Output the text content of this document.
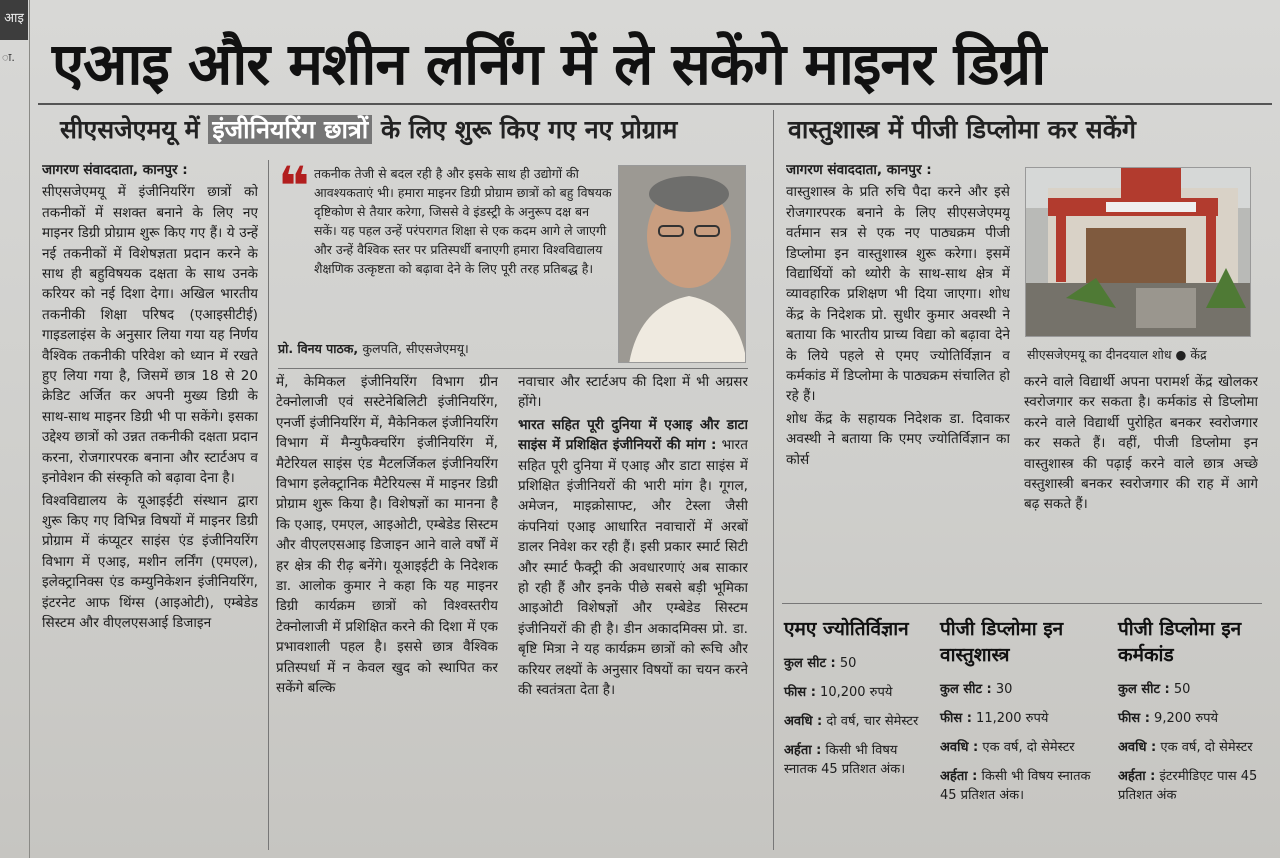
आइ
ा. एआइ और मशीन लर्निंग में ले सकेंगे माइनर डिग्री
सीएसजेएमयू में इंजीनियरिंग छात्रों के लिए शुरू किए गए नए प्रोग्राम	वास्तुशास्त्र में पीजी डिप्लोमा कर सकेंगे

जागरण संवाददाता, कानपुर :

सीएसजेएमयू में इंजीनियरिंग छात्रों को तकनीकों में सशक्त बनाने के लिए नए माइनर डिग्री प्रोग्राम शुरू किए गए हैं। ये उन्हें नई तकनीकों में विशेषज्ञता प्रदान करने के साथ ही बहुविषयक दक्षता के साथ उनके करियर को नई दिशा देगा। अखिल भारतीय तकनीकी शिक्षा परिषद (एआइसीटीई) गाइडलाइंस के अनुसार लिया गया यह निर्णय वैश्विक तकनीकी परिवेश को ध्यान में रखते हुए लिया गया है, जिसमें छात्र 18 से 20 क्रेडिट अर्जित कर अपनी मुख्य डिग्री के साथ-साथ माइनर डिग्री भी पा सकेंगे। इसका उद्देश्य छात्रों को उन्नत तकनीकी दक्षता प्रदान करना, रोजगारपरक बनाना और स्टार्टअप व इनोवेशन की संस्कृति को बढ़ावा देना है।

विश्वविद्यालय के यूआइईटी संस्थान द्वारा शुरू किए गए विभिन्न विषयों में माइनर डिग्री प्रोग्राम में कंप्यूटर साइंस एंड इंजीनियरिंग विभाग में एआइ, मशीन लर्निंग (एमएल), इलेक्ट्रानिक्स एंड कम्युनिकेशन इंजीनियरिंग, इंटरनेट आफ थिंग्स (आइओटी), एम्बेडेड सिस्टम और वीएलएसआई डिजाइन

❝ तकनीक तेजी से बदल रही है और इसके साथ ही उद्योगों की आवश्यकताएं भी। हमारा माइनर डिग्री प्रोग्राम छात्रों को बहु विषयक दृष्टिकोण से तैयार करेगा, जिससे वे इंडस्ट्री के अनुरूप दक्ष बन सकें। यह पहल उन्हें परंपरागत शिक्षा से एक कदम आगे ले जाएगी और उन्हें वैश्विक स्तर पर प्रतिस्पर्धी बनाएगी हमारा विश्वविद्यालय शैक्षणिक उत्कृष्टता को बढ़ावा देने के लिए पूरी तरह प्रतिबद्ध है।
प्रो. विनय पाठक, कुलपति, सीएसजेएमयू।

में, केमिकल इंजीनियरिंग विभाग ग्रीन टेक्नोलाजी एवं सस्टेनेबिलिटी इंजीनियरिंग, एनर्जी इंजीनियरिंग में, मैकेनिकल इंजीनियरिंग विभाग में मैन्युफैक्चरिंग इंजीनियरिंग में, मैटेरियल साइंस एंड मैटलर्जिकल इंजीनियरिंग विभाग इलेक्ट्रानिक मैटेरियल्स में माइनर डिग्री प्रोग्राम शुरू किया है। विशेषज्ञों का मानना है कि एआइ, एमएल, आइओटी, एम्बेडेड सिस्टम और वीएलएसआइ डिजाइन आने वाले वर्षों में हर क्षेत्र की रीढ़ बनेंगे। यूआइईटी के निदेशक डा. आलोक कुमार ने कहा कि यह माइनर डिग्री कार्यक्रम छात्रों को विश्वस्तरीय टेक्नोलाजी में प्रशिक्षित करने की दिशा में एक प्रभावशाली पहल है। इससे छात्र वैश्विक प्रतिस्पर्धा में न केवल खुद को स्थापित कर सकेंगे बल्कि

नवाचार और स्टार्टअप की दिशा में भी अग्रसर होंगे।

भारत सहित पूरी दुनिया में एआइ और डाटा साइंस में प्रशिक्षित इंजीनियरों की मांग : भारत सहित पूरी दुनिया में एआइ और डाटा साइंस में प्रशिक्षित इंजीनियरों की भारी मांग है। गूगल, अमेजन, माइक्रोसाफ्ट, और टेस्ला जैसी कंपनियां एआइ आधारित नवाचारों में अरबों डालर निवेश कर रही हैं। इसी प्रकार स्मार्ट सिटी और स्मार्ट फैक्ट्री की अवधारणाएं अब साकार हो रही हैं और इनके पीछे सबसे बड़ी भूमिका आइओटी विशेषज्ञों और एम्बेडेड सिस्टम इंजीनियरों की ही है। डीन अकादमिक्स प्रो. डा. बृष्टि मित्रा ने यह कार्यक्रम छात्रों को रूचि और करियर लक्ष्यों के अनुसार विषयों का चयन करने की स्वतंत्रता देता है।

जागरण संवाददाता, कानपुर :

वास्तुशास्त्र के प्रति रुचि पैदा करने और इसे रोजगारपरक बनाने के लिए सीएसजेएमयू वर्तमान सत्र से एक नए पाठ्यक्रम पीजी डिप्लोमा इन वास्तुशास्त्र शुरू करेगा। इसमें विद्यार्थियों को थ्योरी के साथ-साथ क्षेत्र में व्यावहारिक प्रशिक्षण भी दिया जाएगा। शोध केंद्र के निदेशक प्रो. सुधीर कुमार अवस्थी ने बताया कि भारतीय प्राच्य विद्या को बढ़ावा देने के लिये पहले से एमए ज्योतिर्विज्ञान व कर्मकांड में डिप्लोमा के पाठ्यक्रम संचालित हो रहे हैं।

शोध केंद्र के सहायक निदेशक डा. दिवाकर अवस्थी ने बताया कि एमए ज्योतिर्विज्ञान का कोर्स

सीएसजेएमयू का दीनदयाल शोध ● केंद्र

करने वाले विद्यार्थी अपना परामर्श केंद्र खोलकर स्वरोजगार कर सकता है। कर्मकांड से डिप्लोमा करने वाले विद्यार्थी पुरोहित बनकर स्वरोजगार कर सकते हैं। वहीं, पीजी डिप्लोमा इन वास्तुशास्त्र की पढ़ाई करने वाले छात्र अच्छे वस्तुशास्त्री बनकर स्वरोजगार की राह में आगे बढ़ सकते हैं।

एमए ज्योतिर्विज्ञान
कुल सीट : 50
फीस : 10,200 रुपये
अवधि : दो वर्ष, चार सेमेस्टर
अर्हता : किसी भी विषय स्नातक 45 प्रतिशत अंक।
पीजी डिप्लोमा इन वास्तुशास्त्र
कुल सीट : 30
फीस : 11,200 रुपये
अवधि : एक वर्ष, दो सेमेस्टर
अर्हता : किसी भी विषय स्नातक 45 प्रतिशत अंक।
पीजी डिप्लोमा इन कर्मकांड
कुल सीट : 50
फीस : 9,200 रुपये
अवधि : एक वर्ष, दो सेमेस्टर
अर्हता : इंटरमीडिएट पास 45 प्रतिशत अंक
